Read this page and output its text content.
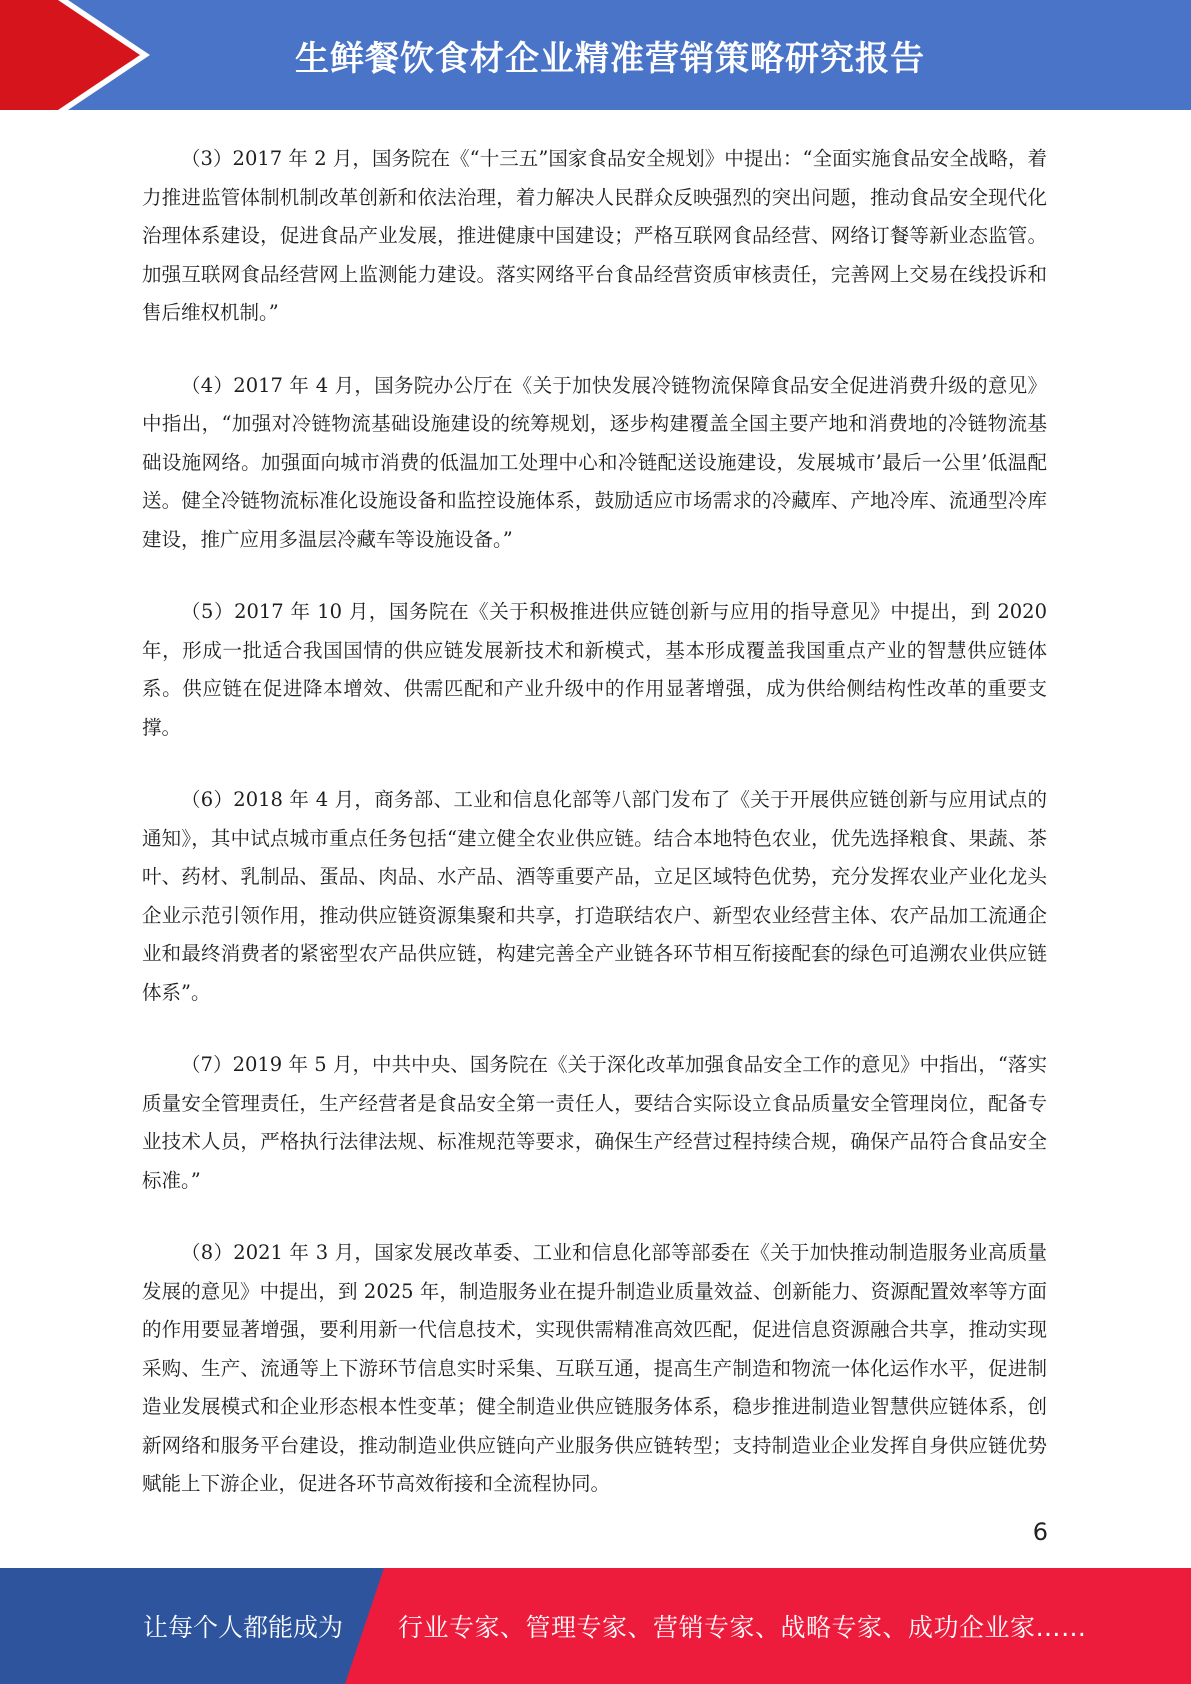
生鲜餐饮食材企业精准营销策略研究报告

（3）2017 年 2 月，国务院在《“十三五”国家食品安全规划》中提出：“全面实施食品安全战略，着力推进监管体制机制改革创新和依法治理，着力解决人民群众反映强烈的突出问题，推动食品安全现代化治理体系建设，促进食品产业发展，推进健康中国建设；严格互联网食品经营、网络订餐等新业态监管。加强互联网食品经营网上监测能力建设。落实网络平台食品经营资质审核责任，完善网上交易在线投诉和售后维权机制。”

（4）2017 年 4 月，国务院办公厅在《关于加快发展冷链物流保障食品安全促进消费升级的意见》中指出，“加强对冷链物流基础设施建设的统筹规划，逐步构建覆盖全国主要产地和消费地的冷链物流基础设施网络。加强面向城市消费的低温加工处理中心和冷链配送设施建设，发展城市’最后一公里’低温配送。健全冷链物流标准化设施设备和监控设施体系，鼓励适应市场需求的冷藏库、产地冷库、流通型冷库建设，推广应用多温层冷藏车等设施设备。”

（5）2017 年 10 月，国务院在《关于积极推进供应链创新与应用的指导意见》中提出，到 2020 年，形成一批适合我国国情的供应链发展新技术和新模式，基本形成覆盖我国重点产业的智慧供应链体系。供应链在促进降本增效、供需匹配和产业升级中的作用显著增强，成为供给侧结构性改革的重要支撑。

（6）2018 年 4 月，商务部、工业和信息化部等八部门发布了《关于开展供应链创新与应用试点的通知》，其中试点城市重点任务包括“建立健全农业供应链。结合本地特色农业，优先选择粮食、果蔬、茶叶、药材、乳制品、蛋品、肉品、水产品、酒等重要产品，立足区域特色优势，充分发挥农业产业化龙头企业示范引领作用，推动供应链资源集聚和共享，打造联结农户、新型农业经营主体、农产品加工流通企业和最终消费者的紧密型农产品供应链，构建完善全产业链各环节相互衔接配套的绿色可追溯农业供应链体系”。

（7）2019 年 5 月，中共中央、国务院在《关于深化改革加强食品安全工作的意见》中指出，“落实质量安全管理责任，生产经营者是食品安全第一责任人，要结合实际设立食品质量安全管理岗位，配备专业技术人员，严格执行法律法规、标准规范等要求，确保生产经营过程持续合规，确保产品符合食品安全标准。”

（8）2021 年 3 月，国家发展改革委、工业和信息化部等部委在《关于加快推动制造服务业高质量发展的意见》中提出，到 2025 年，制造服务业在提升制造业质量效益、创新能力、资源配置效率等方面的作用要显著增强，要利用新一代信息技术，实现供需精准高效匹配，促进信息资源融合共享，推动实现采购、生产、流通等上下游环节信息实时采集、互联互通，提高生产制造和物流一体化运作水平，促进制造业发展模式和企业形态根本性变革；健全制造业供应链服务体系，稳步推进制造业智慧供应链体系，创新网络和服务平台建设，推动制造业供应链向产业服务供应链转型；支持制造业企业发挥自身供应链优势赋能上下游企业，促进各环节高效衔接和全流程协同。

6
让每个人都能成为 行业专家、管理专家、营销专家、战略专家、成功企业家……
